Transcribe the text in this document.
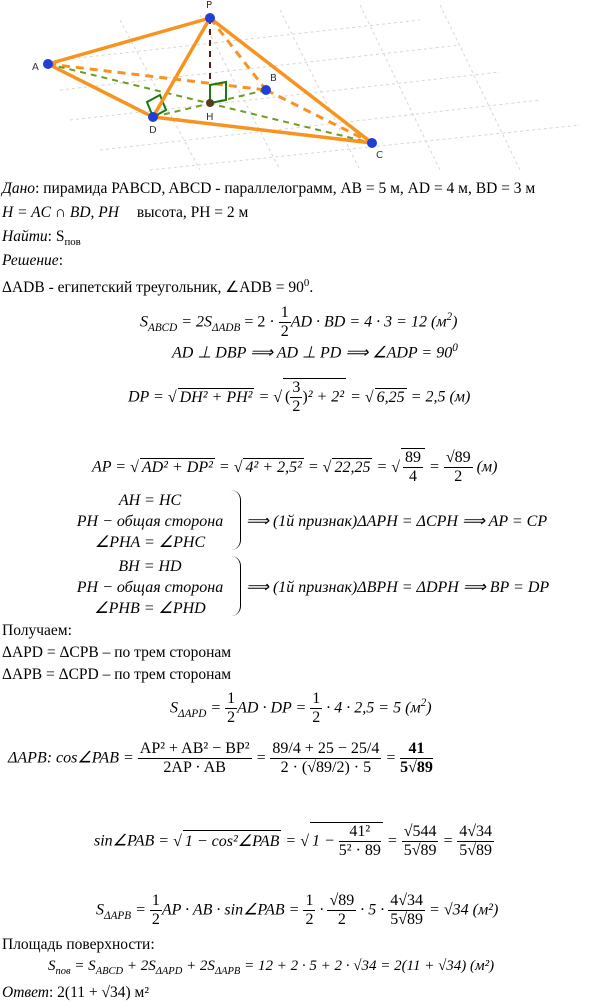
P
A
B
C
D
H
Дано: пирамида PABCD, ABCD - параллелограмм, AB = 5 м, AD = 4 м, BD = 3 м
H = AC ∩ BD, PH высота, PH = 2 м
Найти: $S_{пов}$
Решение:
ΔADB - египетский треугольник, ∠ADB = $90^0$.
$S_{ABCD} = 2S_{\Delta ADB} = 2 \cdot \frac{1}{2}$ AD · BD = 4 · 3 = 12 $(м^2)$
AD ⊥ DBP ⟹ AD ⊥ PD ⟹ ∠ADP = $90^0$
DP = √ DH² + PH² = √ ( $\frac{3}{2} )^2 + 2^2$ = √ 6,25 = 2,5 (м)
AP = √ AD² + DP² = √ 4² + 2,5² = √ 22,25 = √ $\frac{89}{4} = \frac{√89}{2} (м)$
AH = HC
PH − общая сторона
∠PHA = ∠PHC
⟹ (1й признак)ΔAPH = ΔCPH ⟹ AP = CP
BH = HD
PH − общая сторона
∠PHB = ∠PHD
⟹ (1й признак)ΔBPH = ΔDPH ⟹ BP = DP
Получаем:
ΔAPD = ΔCPB – по трем сторонам
ΔAPB = ΔCPD – по трем сторонам
$S_{\Delta APD} = \frac{1}{2}$ AD · DP = $\frac{1}{2} \cdot 4 \cdot 2,5 = 5$ $(м^2)$
ΔAPB: cos∠PAB = $\frac{\text{AP² + AB² − BP²}}{2AP \cdot AB} = \frac{89/4 + 25 - 25/4}{2 \cdot (√89/2) \cdot 5} = \frac{41}{5√89}$
sin∠PAB = √ 1 − cos²∠PAB = √ $1 - \frac{\text{41²}}{\text{5² · 89}} = \frac{√544}{5√89} = \frac{4√34}{5√89}$
$S_{\Delta APB} = \frac{1}{2}$ AP · AB · sin∠PAB = $\frac{1}{2} \cdot \frac{√89}{2} \cdot 5 \cdot \frac{4√34}{5√89} = √34$ (м²)
Площадь поверхности:
$S_{пов} = S_{ABCD} + 2S_{\Delta APD} + 2S_{\Delta APB} = 12 + 2 \cdot 5 + 2 \cdot √34 = 2(11 + √34)$ (м²)
Ответ: 2(11 + √34) м²
